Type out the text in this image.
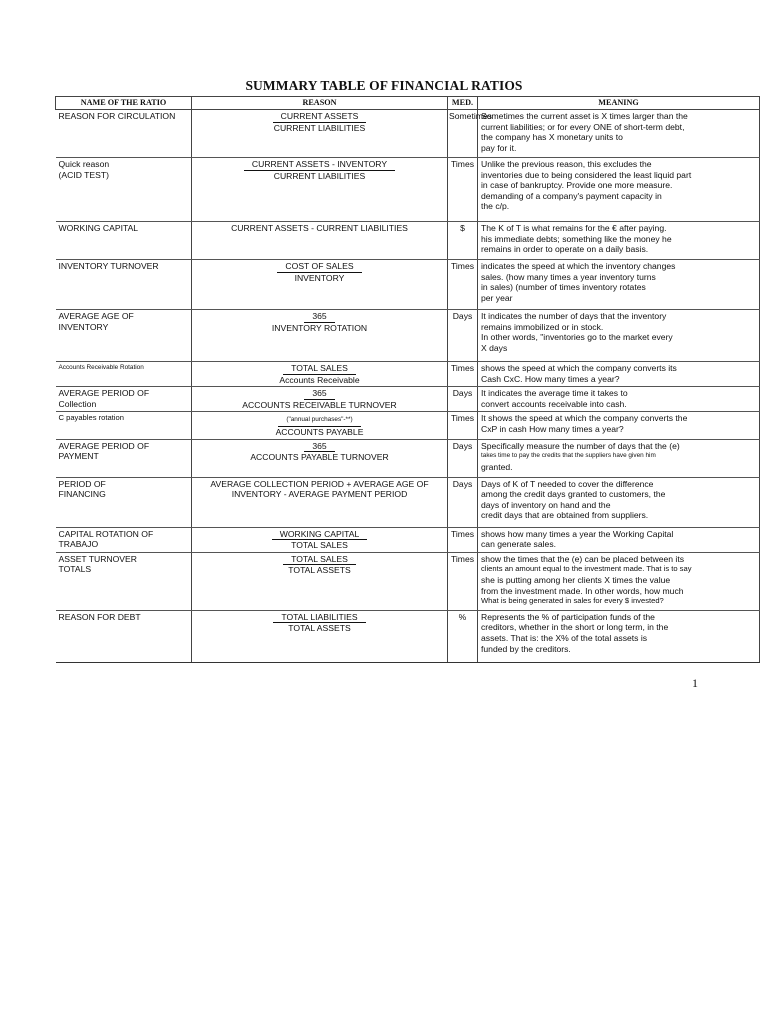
SUMMARY TABLE OF FINANCIAL RATIOS
NAME OF THE RATIO	REASON	MED.	MEANING

REASON FOR CIRCULATION	CURRENT ASSETS
CURRENT LIABILITIES	Sometimes	Sometimes the current asset is X times larger than the
current liabilities; or for every ONE of short-term debt,
the company has X monetary units to
pay for it.

Quick reason
(ACID TEST)	CURRENT ASSETS - INVENTORY
CURRENT LIABILITIES	Times	Unlike the previous reason, this excludes the
inventories due to being considered the least liquid part
in case of bankruptcy. Provide one more measure.
demanding of a company's payment capacity in
the c/p.

WORKING CAPITAL	CURRENT ASSETS - CURRENT LIABILITIES	$	The K of T is what remains for the € after paying.
his immediate debts; something like the money he
remains in order to operate on a daily basis.

INVENTORY TURNOVER	COST OF SALES
INVENTORY	Times	indicates the speed at which the inventory changes
sales. (how many times a year inventory turns
in sales) (number of times inventory rotates
per year

AVERAGE AGE OF
INVENTORY	365
INVENTORY ROTATION	Days	It indicates the number of days that the inventory
remains immobilized or in stock.
In other words, "inventories go to the market every
X days

Accounts Receivable Rotation	TOTAL SALES
Accounts Receivable	Times	shows the speed at which the company converts its
Cash CxC. How many times a year?

AVERAGE PERIOD OF
Collection	365
ACCOUNTS RECEIVABLE TURNOVER	Days	It indicates the average time it takes to
convert accounts receivable into cash.

C payables rotation	("annual purchases"-**)
ACCOUNTS PAYABLE	Times	It shows the speed at which the company converts the
CxP in cash How many times a year?

AVERAGE PERIOD OF
PAYMENT	365
ACCOUNTS PAYABLE TURNOVER	Days	Specifically measure the number of days that the (e)
takes time to pay the credits that the suppliers have given him
granted.

PERIOD OF
FINANCING	AVERAGE COLLECTION PERIOD + AVERAGE AGE OF
INVENTORY - AVERAGE PAYMENT PERIOD	Days	Days of K of T needed to cover the difference
among the credit days granted to customers, the
days of inventory on hand and the
credit days that are obtained from suppliers.

CAPITAL ROTATION OF
TRABAJO	WORKING CAPITAL
TOTAL SALES	Times	shows how many times a year the Working Capital
can generate sales.

ASSET TURNOVER
TOTALS	TOTAL SALES
TOTAL ASSETS	Times	show the times that the (e) can be placed between its
clients an amount equal to the investment made. That is to say
she is putting among her clients X times the value
from the investment made. In other words, how much
What is being generated in sales for every $ invested?

REASON FOR DEBT	TOTAL LIABILITIES
TOTAL ASSETS	%	Represents the % of participation funds of the
creditors, whether in the short or long term, in the
assets. That is: the X% of the total assets is
funded by the creditors.
1
